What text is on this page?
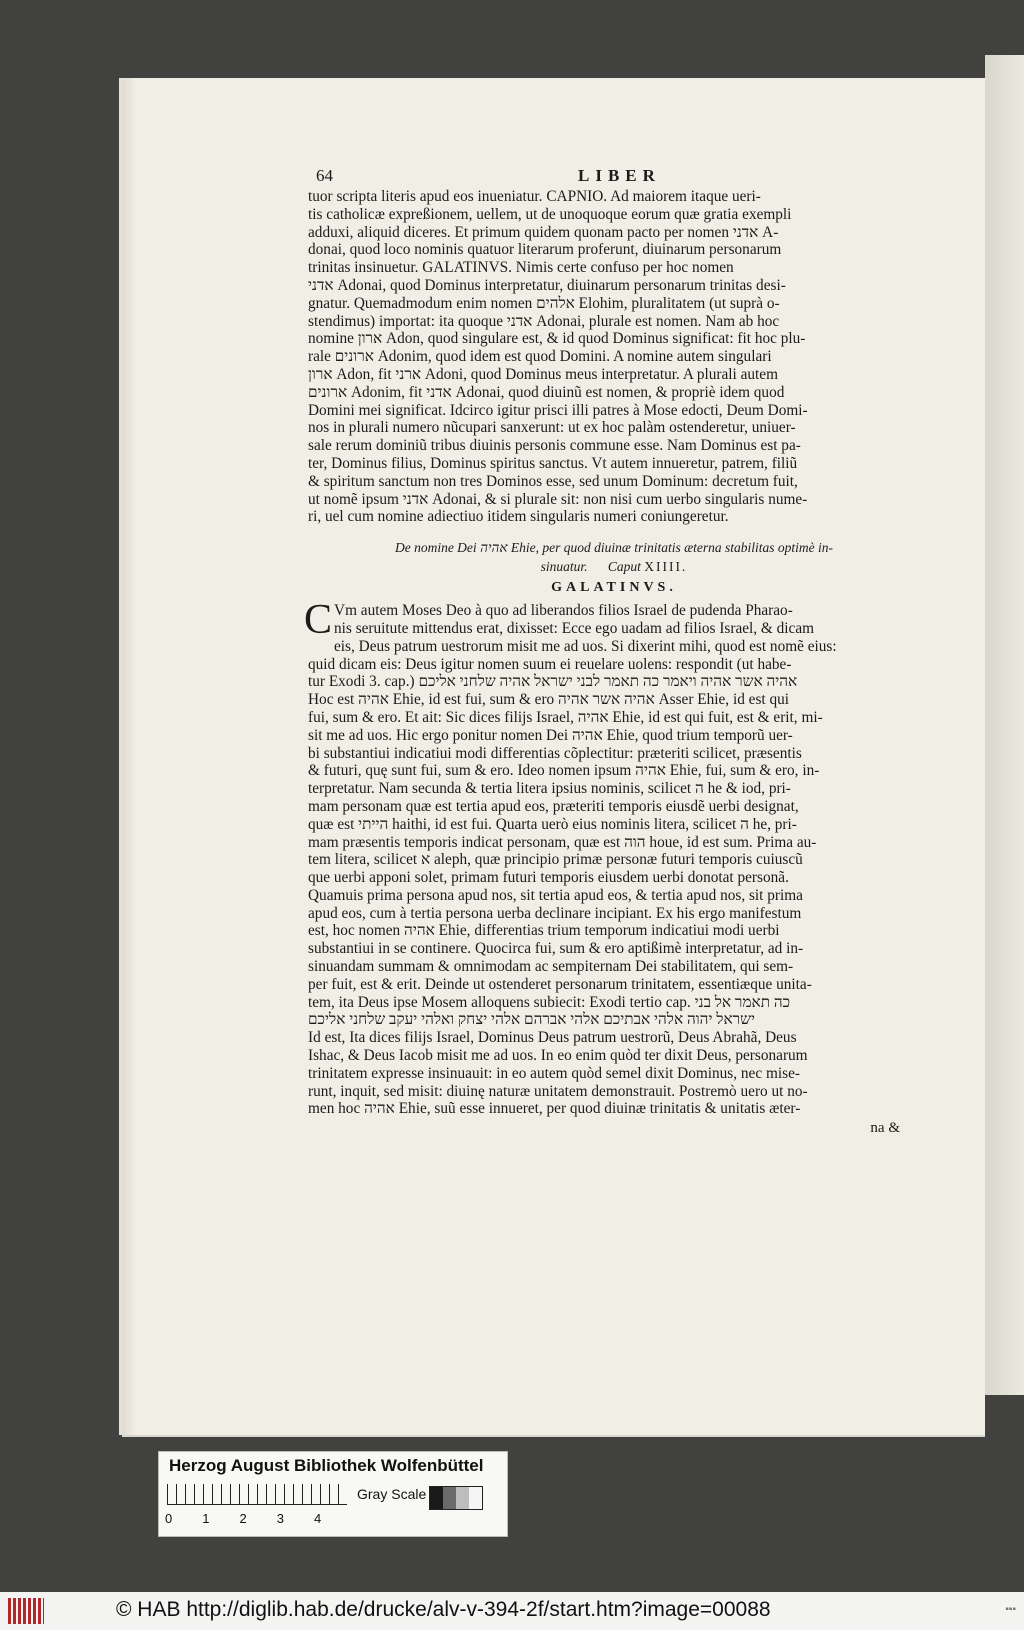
64	LIBER

tuor scripta literis apud eos inueniatur. CAPNIO. Ad maiorem itaque ueri-
tis catholicæ expreßionem, uellem, ut de unoquoque eorum quæ gratia exempli
adduxi, aliquid diceres. Et primum quidem quonam pacto per nomen אדני A-
donai, quod loco nominis quatuor literarum proferunt, diuinarum personarum
trinitas insinuetur. GALATINVS. Nimis certe confuso per hoc nomen
אדני Adonai, quod Dominus interpretatur, diuinarum personarum trinitas desi-
gnatur. Quemadmodum enim nomen אלהים Elohim, pluralitatem (ut suprà o-
stendimus) importat: ita quoque אדני Adonai, plurale est nomen. Nam ab hoc
nomine ארון Adon, quod singulare est, & id quod Dominus significat: fit hoc plu-
rale ארונים Adonim, quod idem est quod Domini. A nomine autem singulari
ארון Adon, fit ארני Adoni, quod Dominus meus interpretatur. A plurali autem
ארונים Adonim, fit אדני Adonai, quod diuinũ est nomen, & propriè idem quod
Domini mei significat. Idcirco igitur prisci illi patres à Mose edocti, Deum Domi-
nos in plurali numero nũcupari sanxerunt: ut ex hoc palàm ostenderetur, uniuer-
sale rerum dominiũ tribus diuinis personis commune esse. Nam Dominus est pa-
ter, Dominus filius, Dominus spiritus sanctus. Vt autem innueretur, patrem, filiũ
& spiritum sanctum non tres Dominos esse, sed unum Dominum: decretum fuit,
ut nomẽ ipsum אדני Adonai, & si plurale sit: non nisi cum uerbo singularis nume-
ri, uel cum nomine adiectiuo itidem singularis numeri coniungeretur.

De nomine Dei אהיה Ehie, per quod diuinæ trinitatis æterna stabilitas optimè in-
sinuatur. Caput XIIII.
GALATINVS.

C Vm autem Moses Deo à quo ad liberandos filios Israel de pudenda Pharao-
nis seruitute mittendus erat, dixisset: Ecce ego uadam ad filios Israel, & dicam
eis, Deus patrum uestrorum misit me ad uos. Si dixerint mihi, quod est nomẽ eius:
quid dicam eis: Deus igitur nomen suum ei reuelare uolens: respondit (ut habe-
tur Exodi 3. cap.) אהיה אשר אהיה ויאמר כה תאמר לבני ישראל אהיה שלחני אליכם
Hoc est אהיה Ehie, id est fui, sum & ero אהיה אשר אהיה Asser Ehie, id est qui
fui, sum & ero. Et ait: Sic dices filijs Israel, אהיה Ehie, id est qui fuit, est & erit, mi-
sit me ad uos. Hic ergo ponitur nomen Dei אהיה Ehie, quod trium temporũ uer-
bi substantiui indicatiui modi differentias cõplectitur: præteriti scilicet, præsentis
& futuri, quę sunt fui, sum & ero. Ideo nomen ipsum אהיה Ehie, fui, sum & ero, in-
terpretatur. Nam secunda & tertia litera ipsius nominis, scilicet ה he & iod, pri-
mam personam quæ est tertia apud eos, præteriti temporis eiusdẽ uerbi designat,
quæ est הייתי haithi, id est fui. Quarta uerò eius nominis litera, scilicet ה he, pri-
mam præsentis temporis indicat personam, quæ est הוה houe, id est sum. Prima au-
tem litera, scilicet א aleph, quæ principio primæ personæ futuri temporis cuiuscũ
que uerbi apponi solet, primam futuri temporis eiusdem uerbi donotat personã.
Quamuis prima persona apud nos, sit tertia apud eos, & tertia apud nos, sit prima
apud eos, cum à tertia persona uerba declinare incipiant. Ex his ergo manifestum
est, hoc nomen אהיה Ehie, differentias trium temporum indicatiui modi uerbi
substantiui in se continere. Quocirca fui, sum & ero aptißimè interpretatur, ad in-
sinuandam summam & omnimodam ac sempiternam Dei stabilitatem, qui sem-
per fuit, est & erit. Deinde ut ostenderet personarum trinitatem, essentiæque unita-
tem, ita Deus ipse Mosem alloquens subiecit: Exodi tertio cap. כה תאמר אל בני
ישראל יהוה אלהי אבתיכם אלהי אברהם אלהי יצחק ואלהי יעקב שלחני אליכם
Id est, Ita dices filijs Israel, Dominus Deus patrum uestrorũ, Deus Abrahã, Deus
Ishac, & Deus Iacob misit me ad uos. In eo enim quòd ter dixit Deus, personarum
trinitatem expresse insinuauit: in eo autem quòd semel dixit Dominus, nec mise-
runt, inquit, sed misit: diuinę naturæ unitatem demonstrauit. Postremò uero ut no-
men hoc אהיה Ehie, suũ esse innueret, per quod diuinæ trinitatis & unitatis æter-

na &
Herzog August Bibliothek Wolfenbüttel
0 1 2 3 4
Gray Scale
© HAB http://diglib.hab.de/drucke/alv-v-394-2f/start.htm?image=00088	▪▪▪
